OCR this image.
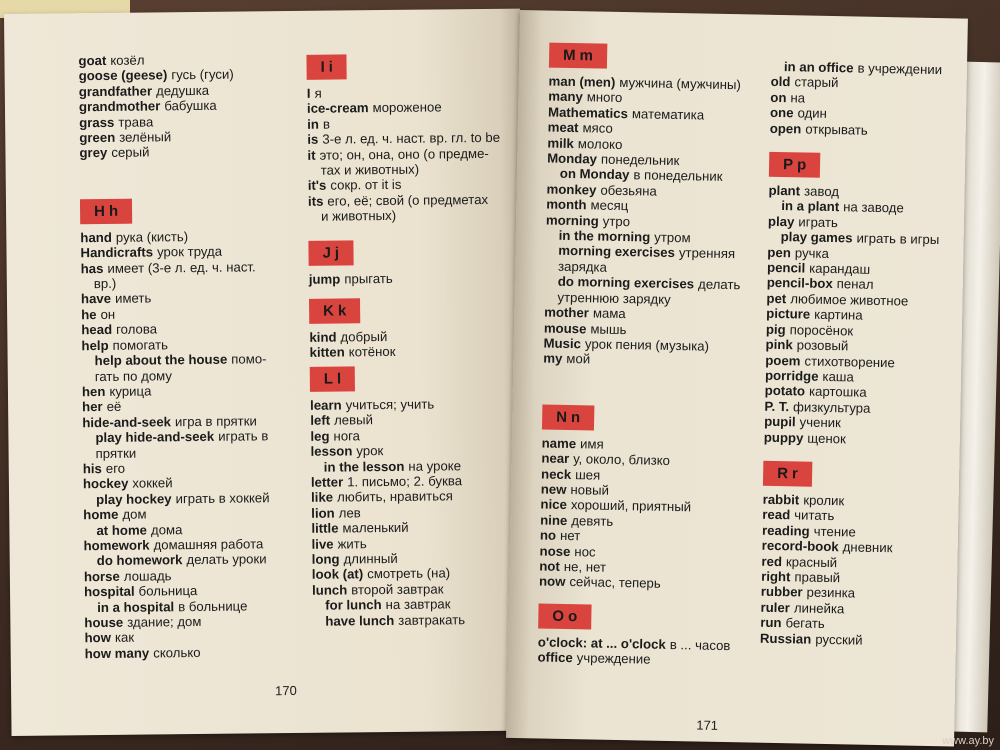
goat козёл
goose (geese) гусь (гуси)
grandfather дедушка
grandmother бабушка
grass трава
green зелёный
grey серый
Hh
hand рука (кисть)
Handicrafts урок труда
has имеет (3-е л. ед. ч. наст.
вр.)
have иметь
he он
head голова
help помогать
help about the house помо-
гать по дому
hen курица
her её
hide-and-seek игра в прятки
play hide-and-seek играть в
прятки
his его
hockey хоккей
play hockey играть в хоккей
home дом
at home дома
homework домашняя работа
do homework делать уроки
horse лошадь
hospital больница
in a hospital в больнице
house здание; дом
how как
how many сколько
Ii
I я
ice-cream мороженое
in в
is 3-е л. ед. ч. наст. вр. гл. to be
it это; он, она, оно (о предме-
тах и животных)
it's сокр. от it is
its его, её; свой (о предметах
и животных)
Jj
jump прыгать
Kk
kind добрый
kitten котёнок
Ll
learn учиться; учить
left левый
leg нога
lesson урок
in the lesson на уроке
letter 1. письмо; 2. буква
like любить, нравиться
lion лев
little маленький
live жить
long длинный
look (at) смотреть (на)
lunch второй завтрак
for lunch на завтрак
have lunch завтракать
170
Mm
man (men) мужчина (мужчины)
many много
Mathematics математика
meat мясо
milk молоко
Monday понедельник
on Monday в понедельник
monkey обезьяна
month месяц
morning утро
in the morning утром
morning exercises утренняя
зарядка
do morning exercises делать
утреннюю зарядку
mother мама
mouse мышь
Music урок пения (музыка)
my мой
Nn
name имя
near у, около, близко
neck шея
new новый
nice хороший, приятный
nine девять
no нет
nose нос
not не, нет
now сейчас, теперь
Oo
o'clock: at ... o'clock в ... часов
office учреждение
in an office в учреждении
old старый
on на
one один
open открывать
Pp
plant завод
in a plant на заводе
play играть
play games играть в игры
pen ручка
pencil карандаш
pencil-box пенал
pet любимое животное
picture картина
pig поросёнок
pink розовый
poem стихотворение
porridge каша
potato картошка
P. T. физкультура
pupil ученик
puppy щенок
Rr
rabbit кролик
read читать
reading чтение
record-book дневник
red красный
right правый
rubber резинка
ruler линейка
run бегать
Russian русский
171
www.ay.by
